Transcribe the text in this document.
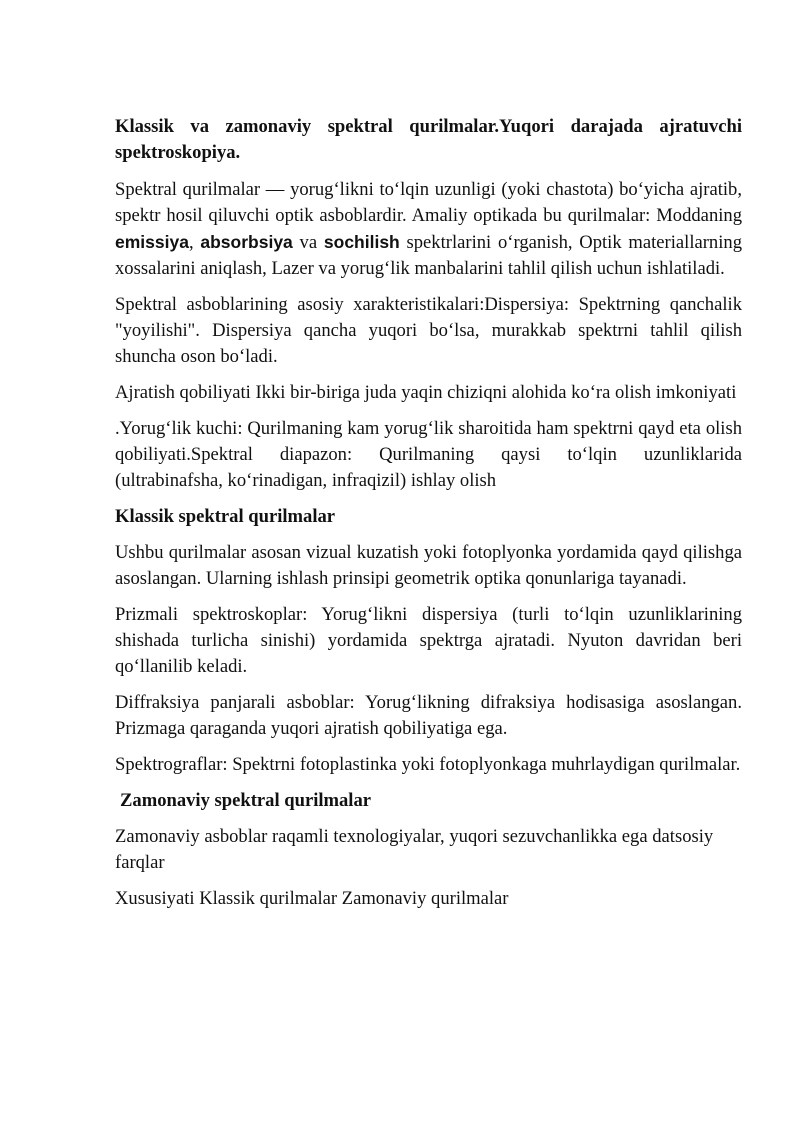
Klassik va zamonaviy spektral qurilmalar.Yuqori darajada ajratuvchi spektroskopiya.

Spektral qurilmalar — yorug‘likni to‘lqin uzunligi (yoki chastota) bo‘yicha ajratib, spektr hosil qiluvchi optik asboblardir. Amaliy optikada bu qurilmalar: Moddaning emissiya, absorbsiya va sochilish spektrlarini o‘rganish, Optik materiallarning xossalarini aniqlash, Lazer va yorug‘lik manbalarini tahlil qilish uchun ishlatiladi.

Spektral asboblarining asosiy xarakteristikalari:Dispersiya: Spektrning qanchalik "yoyilishi". Dispersiya qancha yuqori bo‘lsa, murakkab spektrni tahlil qilish shuncha oson bo‘ladi.

Ajratish qobiliyati Ikki bir-biriga juda yaqin chiziqni alohida ko‘ra olish imkoniyati

.Yorug‘lik kuchi: Qurilmaning kam yorug‘lik sharoitida ham spektrni qayd eta olish qobiliyati.Spektral diapazon: Qurilmaning qaysi to‘lqin uzunliklarida (ultrabinafsha, ko‘rinadigan, infraqizil) ishlay olish

Klassik spektral qurilmalar

Ushbu qurilmalar asosan vizual kuzatish yoki fotoplyonka yordamida qayd qilishga asoslangan. Ularning ishlash prinsipi geometrik optika qonunlariga tayanadi.

Prizmali spektroskoplar: Yorug‘likni dispersiya (turli to‘lqin uzunliklarining shishada turlicha sinishi) yordamida spektrga ajratadi. Nyuton davridan beri qo‘llanilib keladi.

Diffraksiya panjarali asboblar: Yorug‘likning difraksiya hodisasiga asoslangan. Prizmaga qaraganda yuqori ajratish qobiliyatiga ega.

Spektrograflar: Spektrni fotoplastinka yoki fotoplyonkaga muhrlaydigan qurilmalar.

Zamonaviy spektral qurilmalar

Zamonaviy asboblar raqamli texnologiyalar, yuqori sezuvchanlikka ega datsosiy farqlar

Xususiyati Klassik qurilmalar Zamonaviy qurilmalar
